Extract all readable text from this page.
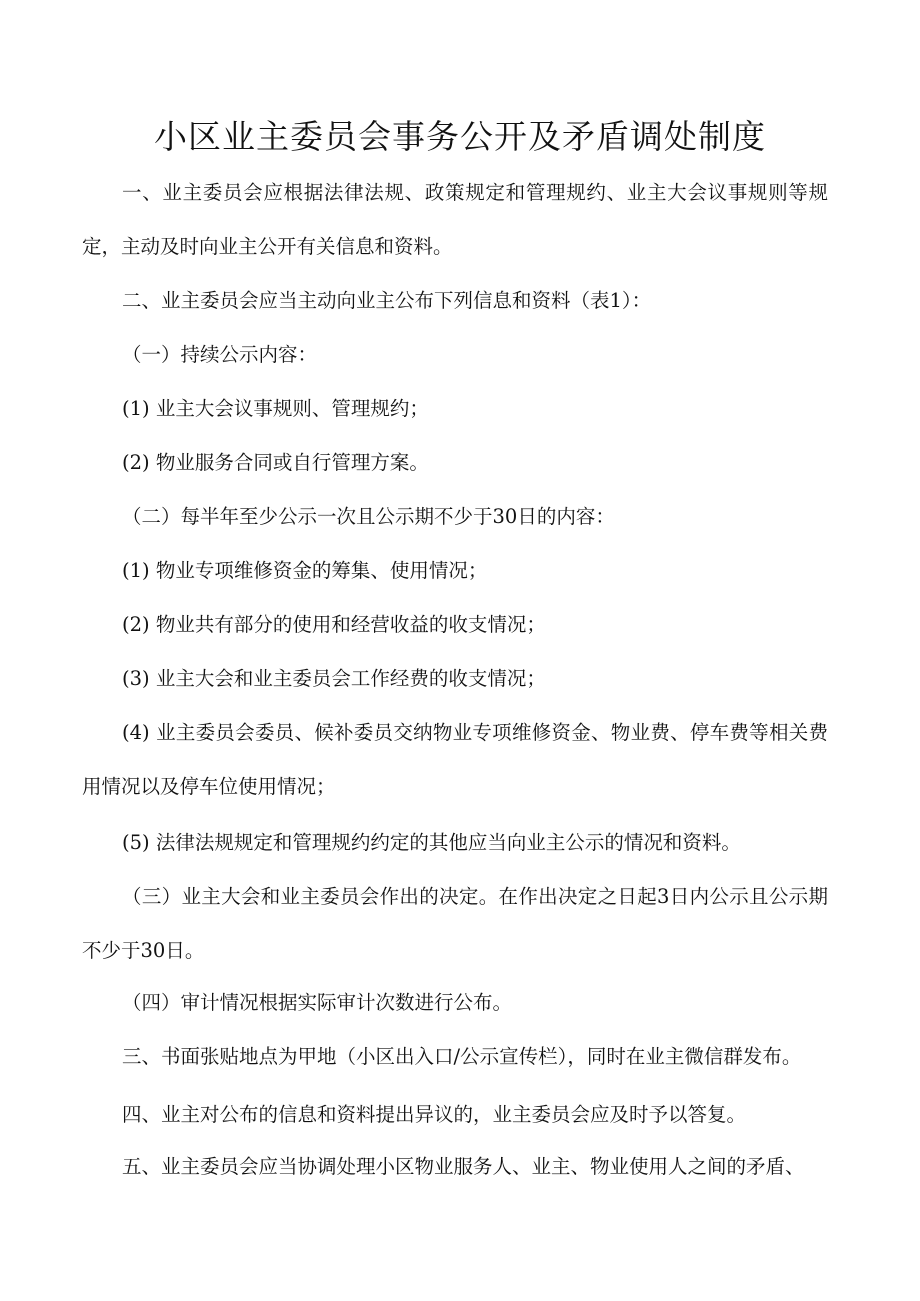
小区业主委员会事务公开及矛盾调处制度

一、业主委员会应根据法律法规、政策规定和管理规约、业主大会议事规则等规定，主动及时向业主公开有关信息和资料。

二、业主委员会应当主动向业主公布下列信息和资料（表1）：
（一）持续公示内容：
(1) 业主大会议事规则、管理规约；
(2) 物业服务合同或自行管理方案。
（二）每半年至少公示一次且公示期不少于30日的内容：
(1) 物业专项维修资金的筹集、使用情况；
(2) 物业共有部分的使用和经营收益的收支情况；
(3) 业主大会和业主委员会工作经费的收支情况；

(4) 业主委员会委员、候补委员交纳物业专项维修资金、物业费、停车费等相关费用情况以及停车位使用情况；

(5) 法律法规规定和管理规约约定的其他应当向业主公示的情况和资料。

（三）业主大会和业主委员会作出的决定。在作出决定之日起3日内公示且公示期不少于30日。

（四）审计情况根据实际审计次数进行公布。
三、书面张贴地点为甲地（小区出入口/公示宣传栏），同时在业主微信群发布。
四、业主对公布的信息和资料提出异议的，业主委员会应及时予以答复。
五、业主委员会应当协调处理小区物业服务人、业主、物业使用人之间的矛盾、
